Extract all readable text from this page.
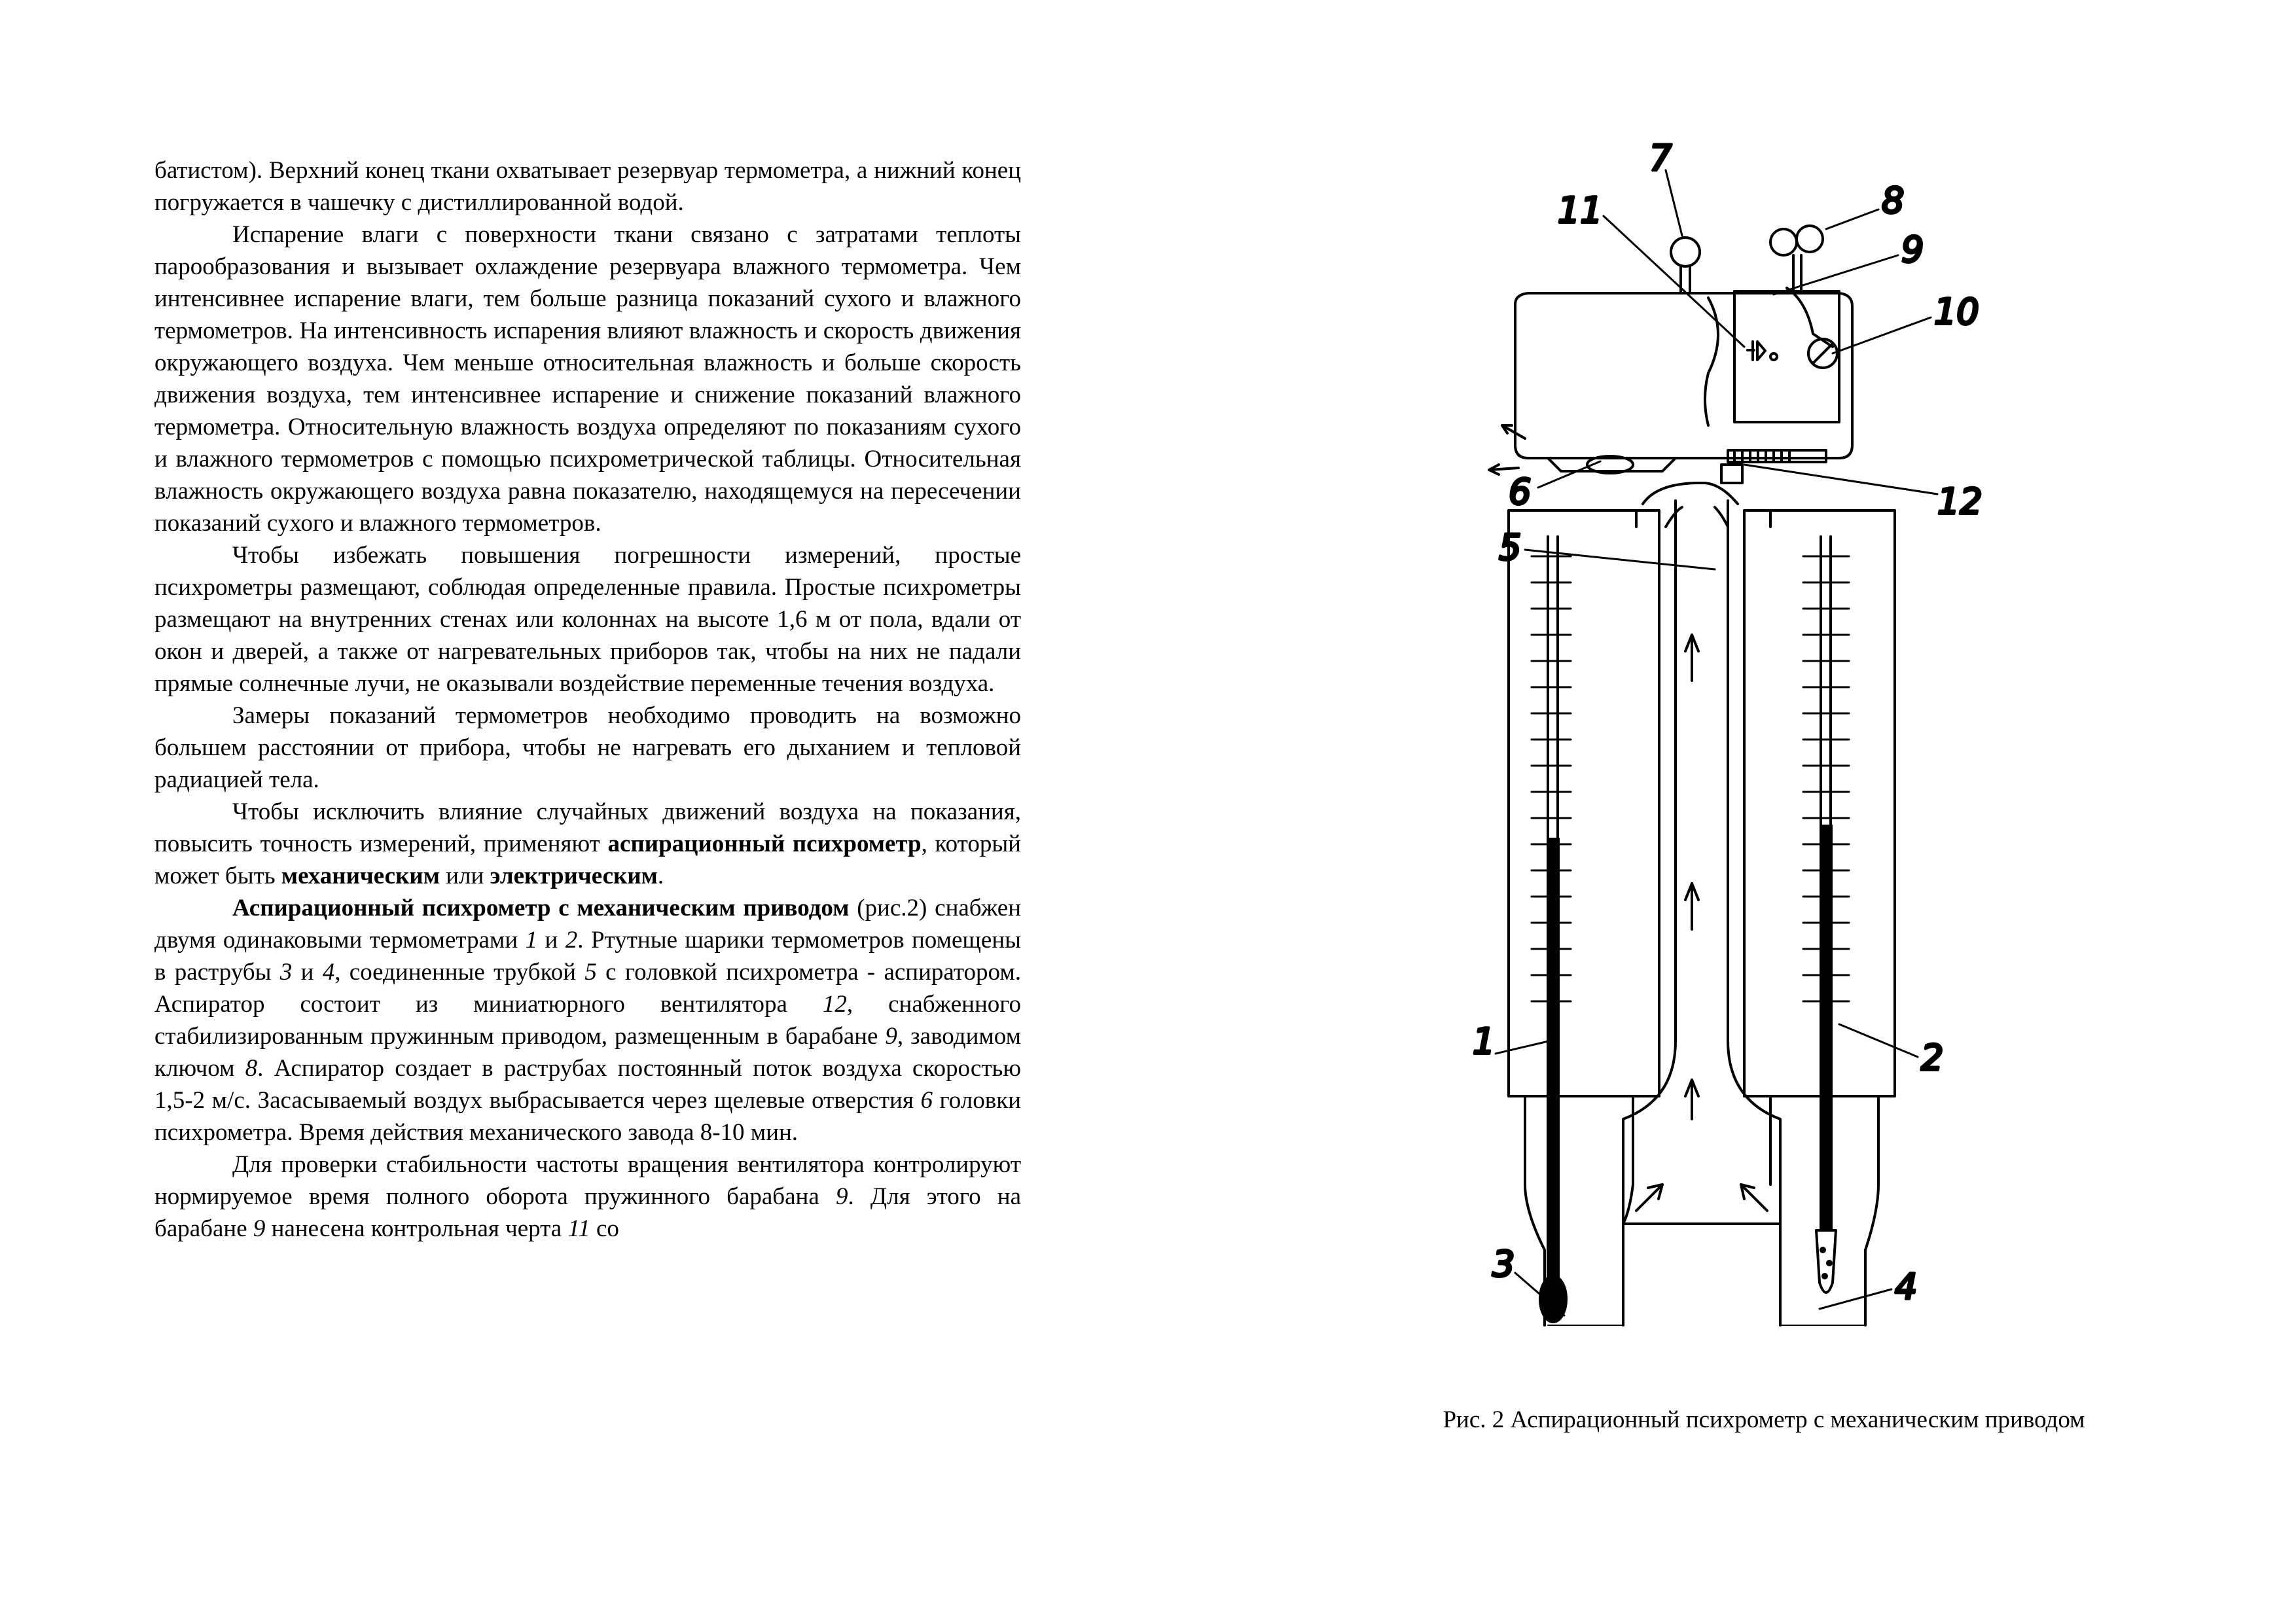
батистом). Верхний конец ткани охватывает резервуар термометра, а нижний конец погружается в чашечку с дистиллированной водой.

Испарение влаги с поверхности ткани связано с затратами теплоты парообразования и вызывает охлаждение резервуара влажного термометра. Чем интенсивнее испарение влаги, тем больше разница показаний сухого и влажного термометров. На интенсивность испарения влияют влажность и скорость движения окружающего воздуха. Чем меньше относительная влажность и больше скорость движения воздуха, тем интенсивнее испарение и снижение показаний влажного термометра. Относительную влажность воздуха определяют по показаниям сухого и влажного термометров с помощью психрометрической таблицы. Относительная влажность окружающего воздуха равна показателю, находящемуся на пересечении показаний сухого и влажного термометров.

Чтобы избежать повышения погрешности измерений, простые психрометры размещают, соблюдая определенные правила. Простые психрометры размещают на внутренних стенах или колоннах на высоте 1,6 м от пола, вдали от окон и дверей, а также от нагревательных приборов так, чтобы на них не падали прямые солнечные лучи, не оказывали воздействие переменные течения воздуха.

Замеры показаний термометров необходимо проводить на возможно большем расстоянии от прибора, чтобы не нагревать его дыханием и тепловой радиацией тела.

Чтобы исключить влияние случайных движений воздуха на показания, повысить точность измерений, применяют аспирационный психрометр, который может быть механическим или электрическим.

Аспирационный психрометр с механическим приводом (рис.2) снабжен двумя одинаковыми термометрами 1 и 2. Ртутные шарики термометров помещены в раструбы 3 и 4, соединенные трубкой 5 с головкой психрометра - аспиратором. Аспиратор состоит из миниатюрного вентилятора 12, снабженного стабилизированным пружинным приводом, размещенным в барабане 9, заводимом ключом 8. Аспиратор создает в раструбах постоянный поток воздуха скоростью 1,5-2 м/с. Засасываемый воздух выбрасывается через щелевые отверстия 6 головки психрометра. Время действия механического завода 8-10 мин.

Для проверки стабильности частоты вращения вентилятора контролируют нормируемое время полного оборота пружинного барабана 9. Для этого на барабане 9 нанесена контрольная черта 11 со

7
8
11
9
10
6	12
5
1	2
3
4
Рис. 2 Аспирационный психрометр с механическим приводом
